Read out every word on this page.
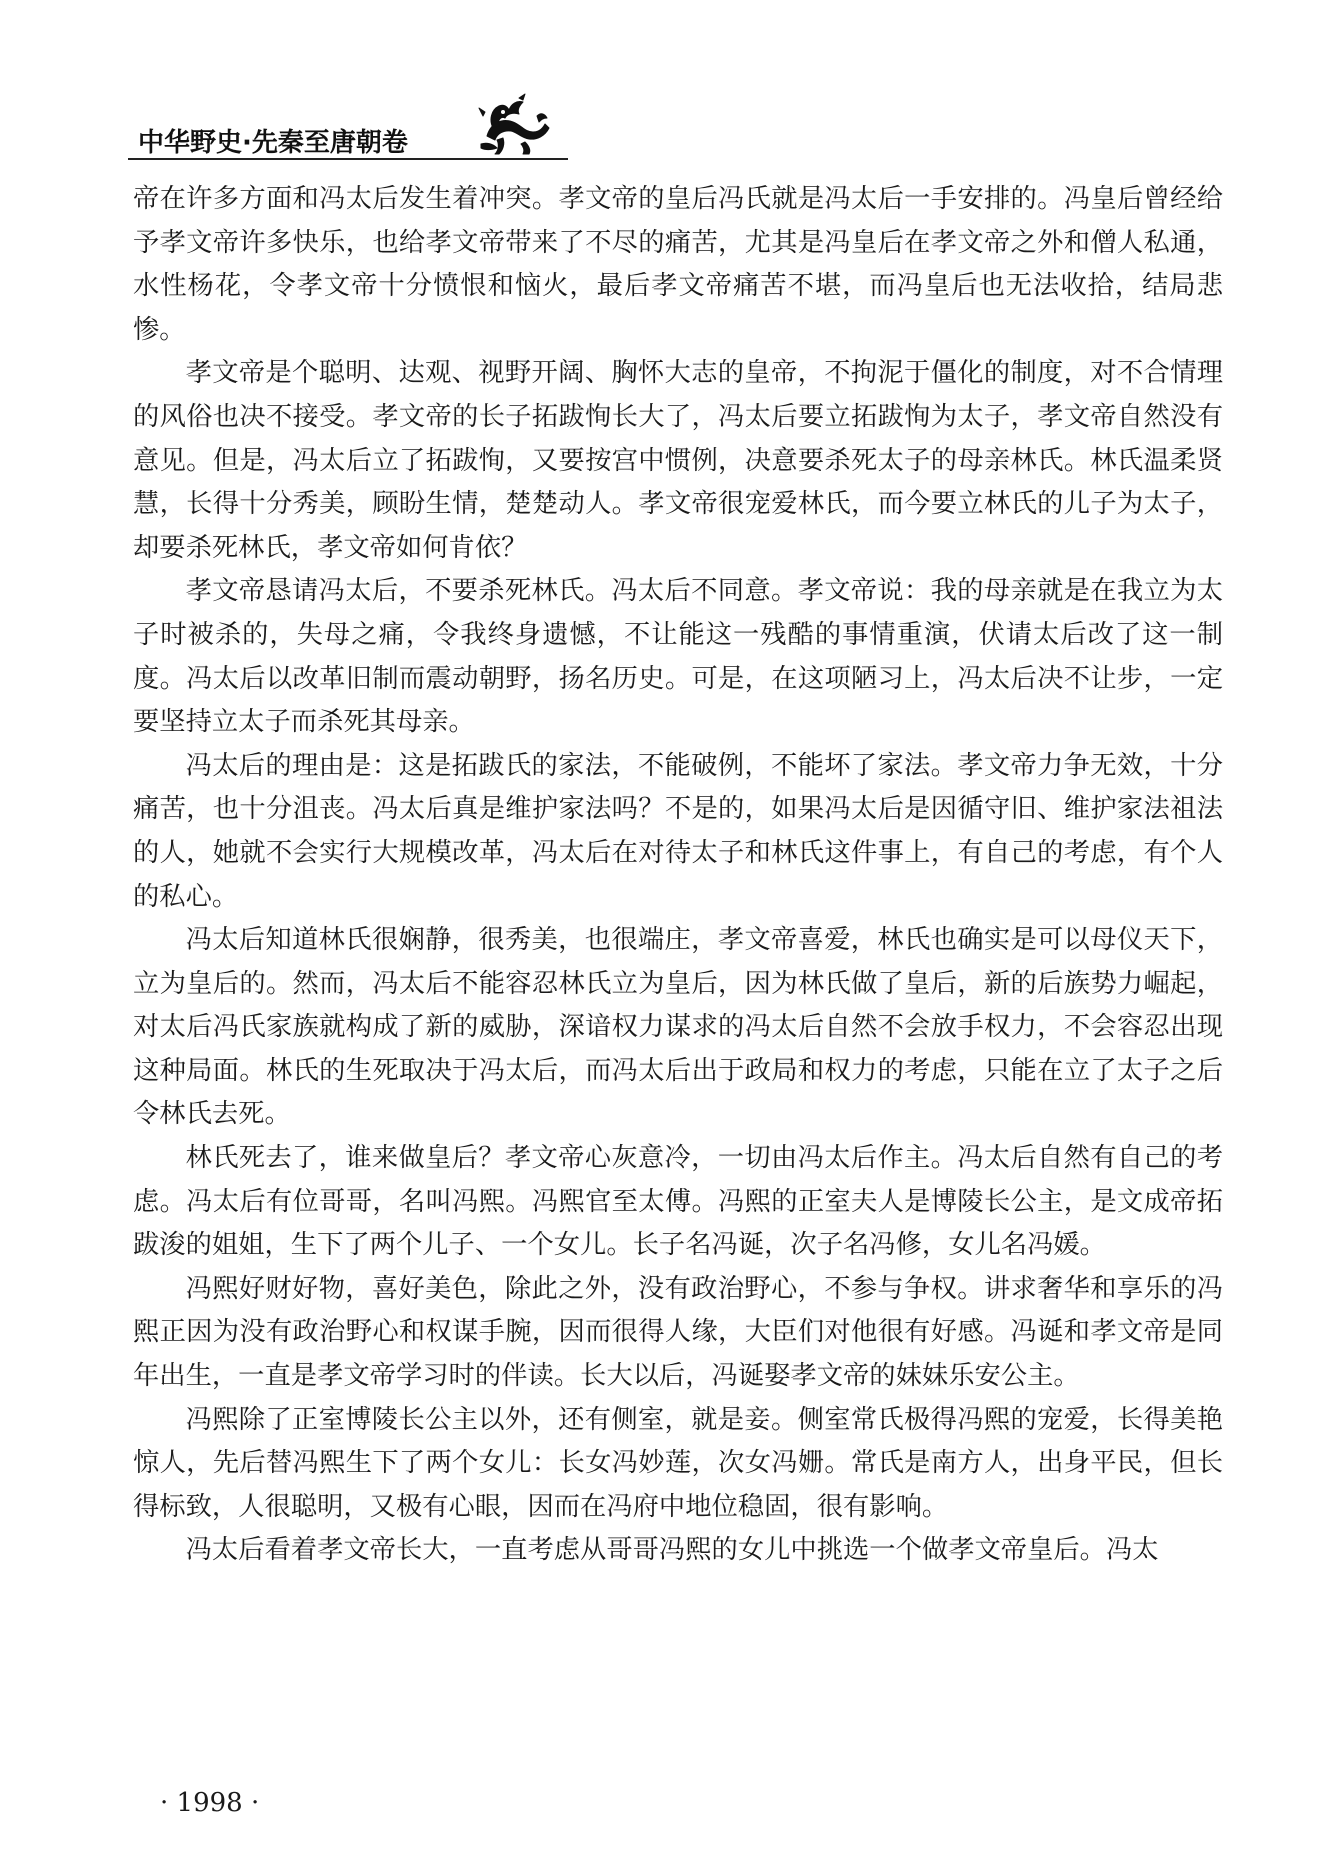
中华野史·先秦至唐朝卷

帝在许多方面和冯太后发生着冲突。孝文帝的皇后冯氏就是冯太后一手安排的。冯皇后曾经给予孝文帝许多快乐，也给孝文帝带来了不尽的痛苦，尤其是冯皇后在孝文帝之外和僧人私通，水性杨花，令孝文帝十分愤恨和恼火，最后孝文帝痛苦不堪，而冯皇后也无法收拾，结局悲惨。

孝文帝是个聪明、达观、视野开阔、胸怀大志的皇帝，不拘泥于僵化的制度，对不合情理的风俗也决不接受。孝文帝的长子拓跋恂长大了，冯太后要立拓跋恂为太子，孝文帝自然没有意见。但是，冯太后立了拓跋恂，又要按宫中惯例，决意要杀死太子的母亲林氏。林氏温柔贤慧，长得十分秀美，顾盼生情，楚楚动人。孝文帝很宠爱林氏，而今要立林氏的儿子为太子，却要杀死林氏，孝文帝如何肯依？

孝文帝恳请冯太后，不要杀死林氏。冯太后不同意。孝文帝说：我的母亲就是在我立为太子时被杀的，失母之痛，令我终身遗憾，不让能这一残酷的事情重演，伏请太后改了这一制度。冯太后以改革旧制而震动朝野，扬名历史。可是，在这项陋习上，冯太后决不让步，一定要坚持立太子而杀死其母亲。

冯太后的理由是：这是拓跋氏的家法，不能破例，不能坏了家法。孝文帝力争无效，十分痛苦，也十分沮丧。冯太后真是维护家法吗？不是的，如果冯太后是因循守旧、维护家法祖法的人，她就不会实行大规模改革，冯太后在对待太子和林氏这件事上，有自己的考虑，有个人的私心。

冯太后知道林氏很娴静，很秀美，也很端庄，孝文帝喜爱，林氏也确实是可以母仪天下，立为皇后的。然而，冯太后不能容忍林氏立为皇后，因为林氏做了皇后，新的后族势力崛起，对太后冯氏家族就构成了新的威胁，深谙权力谋求的冯太后自然不会放手权力，不会容忍出现这种局面。林氏的生死取决于冯太后，而冯太后出于政局和权力的考虑，只能在立了太子之后令林氏去死。

林氏死去了，谁来做皇后？孝文帝心灰意冷，一切由冯太后作主。冯太后自然有自己的考虑。冯太后有位哥哥，名叫冯熙。冯熙官至太傅。冯熙的正室夫人是博陵长公主，是文成帝拓跋浚的姐姐，生下了两个儿子、一个女儿。长子名冯诞，次子名冯修，女儿名冯媛。

冯熙好财好物，喜好美色，除此之外，没有政治野心，不参与争权。讲求奢华和享乐的冯熙正因为没有政治野心和权谋手腕，因而很得人缘，大臣们对他很有好感。冯诞和孝文帝是同年出生，一直是孝文帝学习时的伴读。长大以后，冯诞娶孝文帝的妹妹乐安公主。

冯熙除了正室博陵长公主以外，还有侧室，就是妾。侧室常氏极得冯熙的宠爱，长得美艳惊人，先后替冯熙生下了两个女儿：长女冯妙莲，次女冯姗。常氏是南方人，出身平民，但长得标致，人很聪明，又极有心眼，因而在冯府中地位稳固，很有影响。

冯太后看着孝文帝长大，一直考虑从哥哥冯熙的女儿中挑选一个做孝文帝皇后。冯太

· 1998 ·
